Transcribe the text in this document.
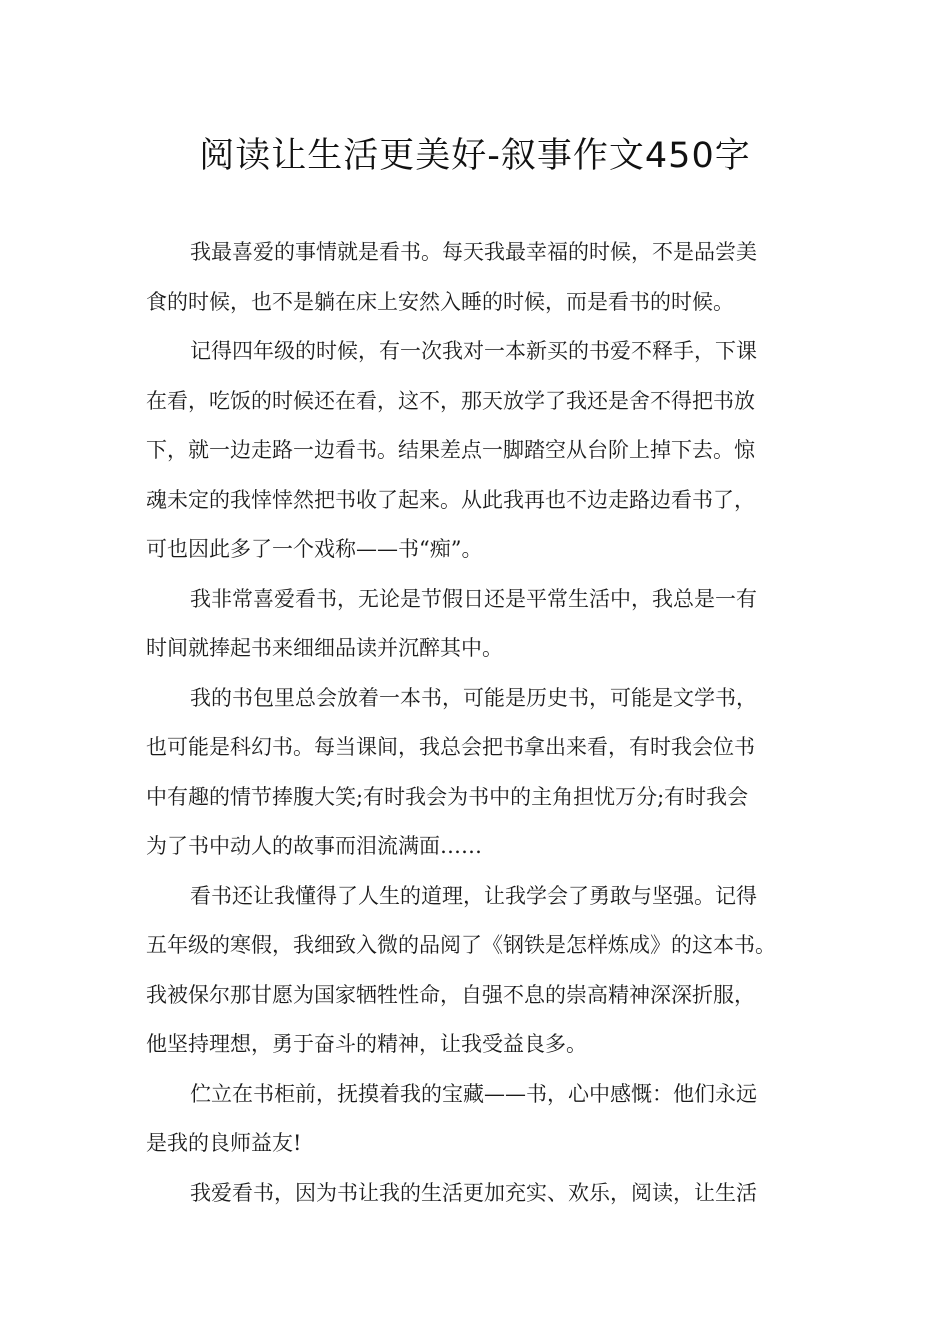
阅读让生活更美好-叙事作文450字
我最喜爱的事情就是看书。每天我最幸福的时候，不是品尝美
食的时候，也不是躺在床上安然入睡的时候，而是看书的时候。
记得四年级的时候，有一次我对一本新买的书爱不释手，下课
在看，吃饭的时候还在看，这不，那天放学了我还是舍不得把书放
下，就一边走路一边看书。结果差点一脚踏空从台阶上掉下去。惊
魂未定的我悻悻然把书收了起来。从此我再也不边走路边看书了，
可也因此多了一个戏称——书“痴”。
我非常喜爱看书，无论是节假日还是平常生活中，我总是一有
时间就捧起书来细细品读并沉醉其中。
我的书包里总会放着一本书，可能是历史书，可能是文学书，
也可能是科幻书。每当课间，我总会把书拿出来看，有时我会位书
中有趣的情节捧腹大笑;有时我会为书中的主角担忧万分;有时我会
为了书中动人的故事而泪流满面……
看书还让我懂得了人生的道理，让我学会了勇敢与坚强。记得
五年级的寒假，我细致入微的品阅了《钢铁是怎样炼成》的这本书。
我被保尔那甘愿为国家牺牲性命，自强不息的崇高精神深深折服，
他坚持理想，勇于奋斗的精神，让我受益良多。
伫立在书柜前，抚摸着我的宝藏——书，心中感慨：他们永远
是我的良师益友!
我爱看书，因为书让我的生活更加充实、欢乐，阅读，让生活
